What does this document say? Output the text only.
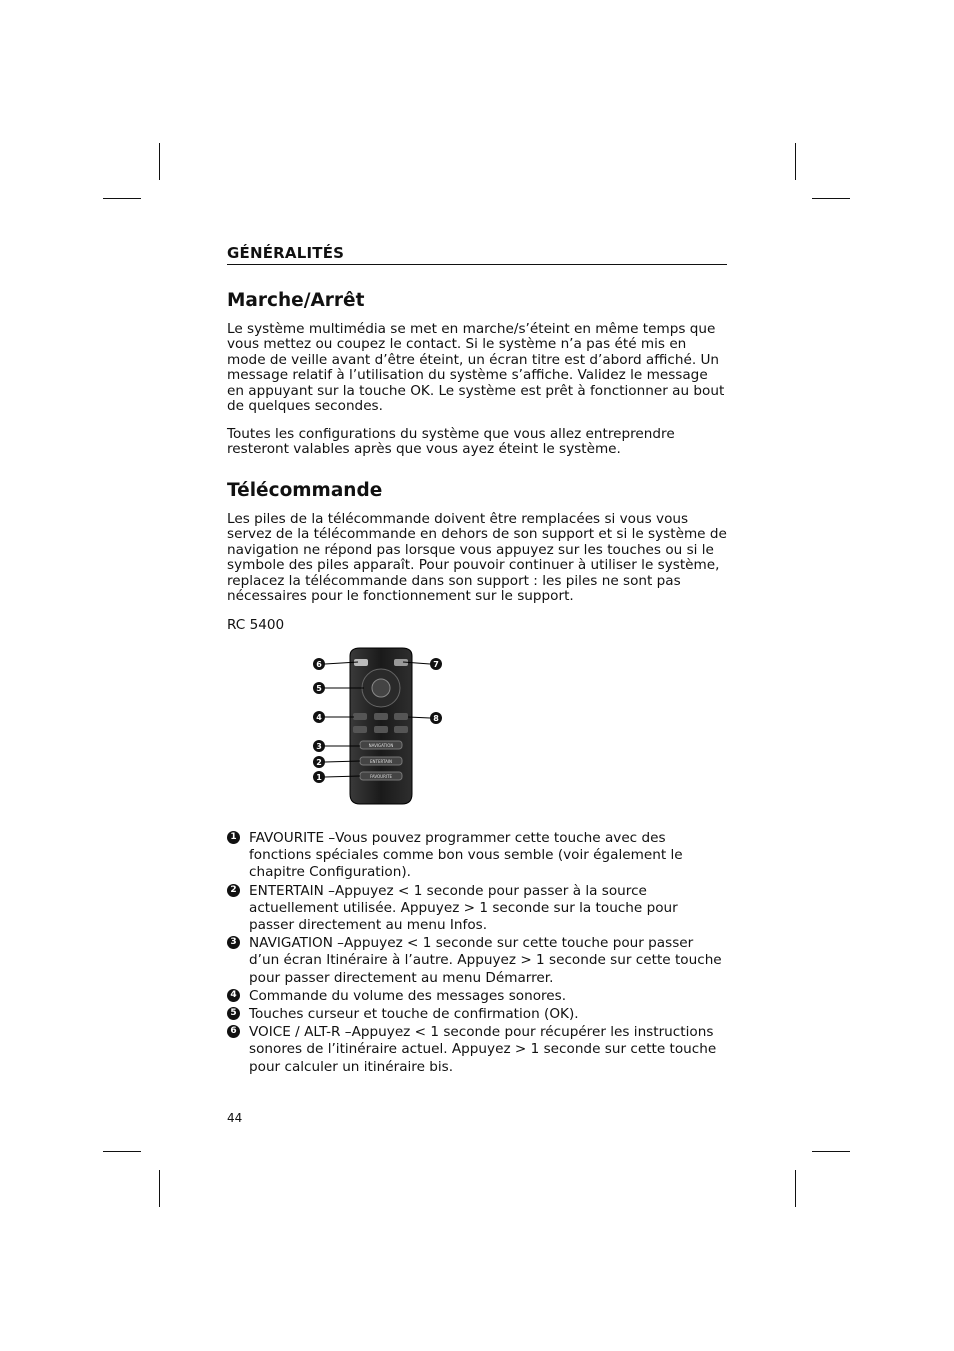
GÉNÉRALITÉS
Marche/Arrêt

Le système multimédia se met en marche/s’éteint en même temps que vous mettez ou coupez le contact. Si le système n’a pas été mis en mode de veille avant d’être éteint, un écran titre est d’abord affiché. Un message relatif à l’utilisation du système s’affiche. Validez le message en appuyant sur la touche OK. Le système est prêt à fonctionner au bout de quelques secondes.

Toutes les configurations du système que vous allez entreprendre resteront valables après que vous ayez éteint le système.

Télécommande

Les piles de la télécommande doivent être remplacées si vous vous servez de la télécommande en dehors de son support et si le système de navigation ne répond pas lorsque vous appuyez sur les touches ou si le symbole des piles apparaît. Pour pouvoir continuer à utiliser le système, replacez la télécommande dans son support : les piles ne sont pas nécessaires pour le fonctionnement sur le support.

RC 5400
NAVIGATION
ENTERTAIN
FAVOURITE
6	7
5
4	8
3
2
1
1 FAVOURITE –Vous pouvez programmer cette touche avec des fonctions spéciales comme bon vous semble (voir également le chapitre Configuration).
2 ENTERTAIN –Appuyez < 1 seconde pour passer à la source actuellement utilisée. Appuyez > 1 seconde sur la touche pour passer directement au menu Infos.
3 NAVIGATION –Appuyez < 1 seconde sur cette touche pour passer d’un écran Itinéraire à l’autre. Appuyez > 1 seconde sur cette touche pour passer directement au menu Démarrer.
4 Commande du volume des messages sonores.
5 Touches curseur et touche de confirmation (OK).
6 VOICE / ALT-R –Appuyez < 1 seconde pour récupérer les instructions sonores de l’itinéraire actuel. Appuyez > 1 seconde sur cette touche pour calculer un itinéraire bis.
44
